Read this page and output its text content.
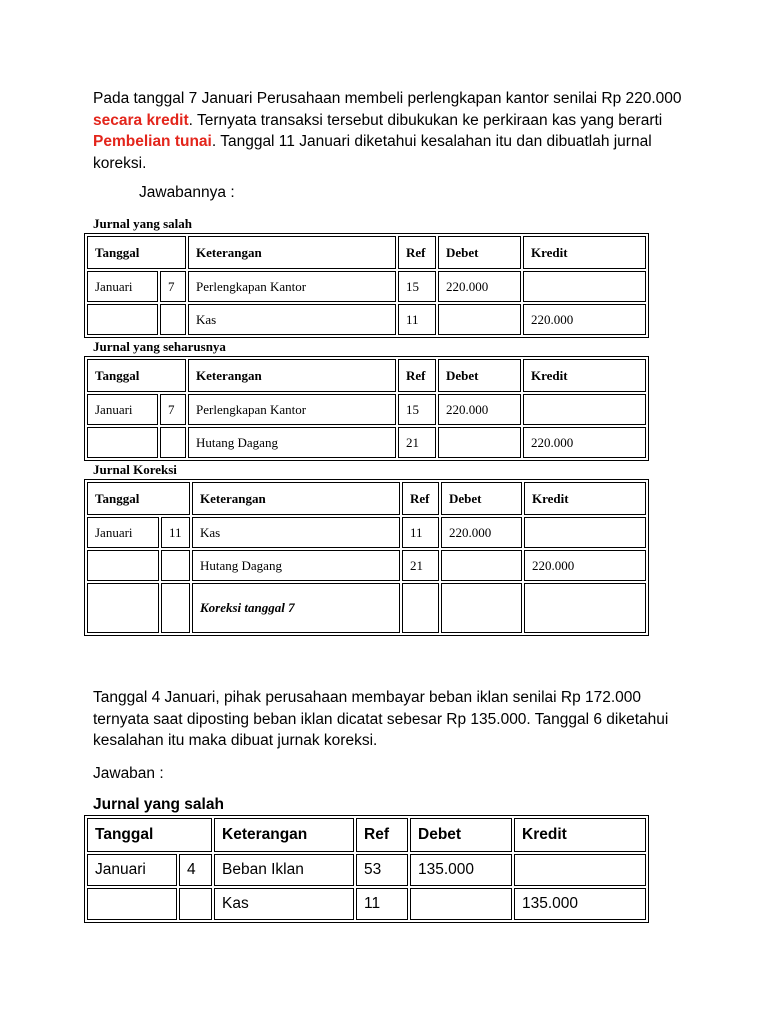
Pada tanggal 7 Januari Perusahaan membeli perlengkapan kantor senilai Rp 220.000 secara kredit. Ternyata transaksi tersebut dibukukan ke perkiraan kas yang berarti Pembelian tunai. Tanggal 11 Januari diketahui kesalahan itu dan dibuatlah jurnal koreksi.
Jawabannya :
Jurnal yang salah
Tanggal		Keterangan	Ref	Debet	Kredit
Januari	7	Perlengkapan Kantor	15	220.000	
		Kas	11		220.000
Jurnal yang seharusnya
Tanggal		Keterangan	Ref	Debet	Kredit
Januari	7	Perlengkapan Kantor	15	220.000	
		Hutang Dagang	21		220.000
Jurnal Koreksi
Tanggal		Keterangan	Ref	Debet	Kredit
Januari	11	Kas	11	220.000	
		Hutang Dagang	21		220.000
		Koreksi tanggal 7			
Tanggal 4 Januari, pihak perusahaan membayar beban iklan senilai Rp 172.000 ternyata saat diposting beban iklan dicatat sebesar Rp 135.000. Tanggal 6 diketahui kesalahan itu maka dibuat jurnak koreksi.
Jawaban :
Jurnal yang salah
Tanggal		Keterangan	Ref	Debet	Kredit
Januari	4	Beban Iklan	53	135.000	
		Kas	11		135.000
